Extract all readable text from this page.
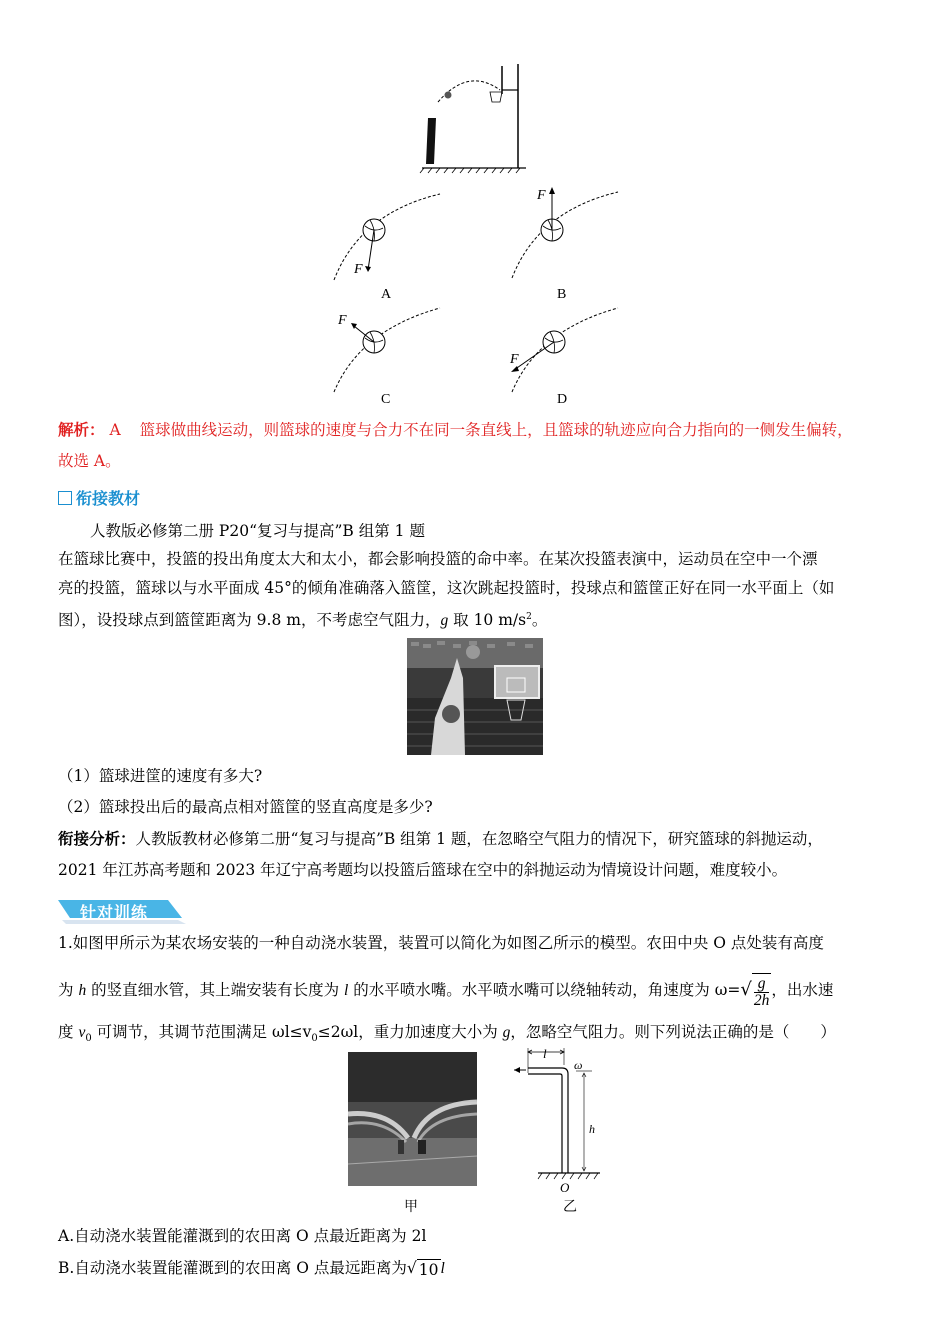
F
A
F
B
F
C
F
D
解析： A 篮球做曲线运动，则篮球的速度与合力不在同一条直线上，且篮球的轨迹应向合力指向的一侧发生偏转，
故选 A。
衔接教材
人教版必修第二册 P20“复习与提高”B 组第 1 题
在篮球比赛中，投篮的投出角度太大和太小，都会影响投篮的命中率。在某次投篮表演中，运动员在空中一个漂
亮的投篮，篮球以与水平面成 45°的倾角准确落入篮筐，这次跳起投篮时，投球点和篮筐正好在同一水平面上（如
图），设投球点到篮筐距离为 9.8 m，不考虑空气阻力，g 取 10 $m/s^2$。
（1）篮球进筐的速度有多大?
（2）篮球投出后的最高点相对篮筐的竖直高度是多少?
衔接分析：人教版教材必修第二册“复习与提高”B 组第 1 题，在忽略空气阻力的情况下，研究篮球的斜抛运动，
2021 年江苏高考题和 2023 年辽宁高考题均以投篮后篮球在空中的斜抛运动为情境设计问题，难度较小。
针对训练
1.如图甲所示为某农场安装的一种自动浇水装置，装置可以简化为如图乙所示的模型。农田中央 O 点处装有高度
为 h 的竖直细水管，其上端安装有长度为 l 的水平喷水嘴。水平喷水嘴可以绕轴转动，角速度为 $\omega=√ \frac{g}{2h}$ ，出水速
度 $v_0$ 可调节，其调节范围满足 $\omega l\le v_0\le 2\omega l$，重力加速度大小为 g，忽略空气阻力。则下列说法正确的是（　　）
甲
l
ω
h
O
乙
A.自动浇水装置能灌溉到的农田离 O 点最近距离为 2l
B.自动浇水装置能灌溉到的农田离 O 点最远距离为√ 10 l
